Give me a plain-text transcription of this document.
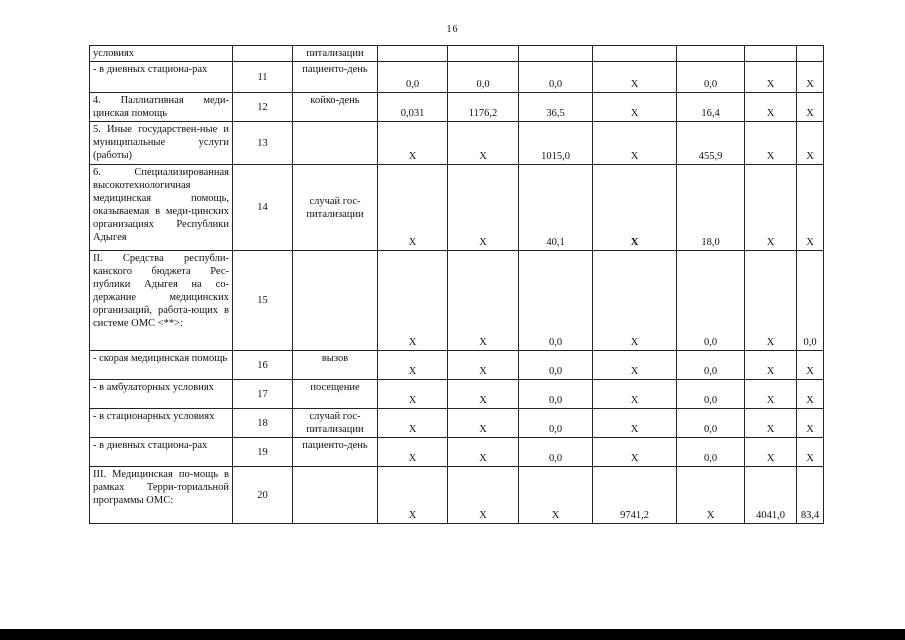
16
условиях		питализации							
- в дневных стациона-рах	11	пациенто-день	0,0	0,0	0,0	X	0,0	X	X
4. Паллиативная меди-цинская помощь	12	койко-день	0,031	1176,2	36,5	X	16,4	X	X
5. Иные государствен-ные и муниципальные услуги (работы)	13		X	X	1015,0	X	455,9	X	X
6. Специализированная высокотехнологичная медицинская помощь, оказываемая в меди-цинских организациях Республики Адыгея	14	случай гос-питализации	X	X	40,1	X	18,0	X	X
II. Средства республи-канского бюджета Рес-публики Адыгея на со-держание медицинских организаций, работа-ющих в системе ОМС <**>:	15		X	X	0,0	X	0,0	X	0,0
- скорая медицинская помощь	16	вызов	X	X	0,0	X	0,0	X	X
- в амбулаторных условиях	17	посещение	X	X	0,0	X	0,0	X	X
- в стационарных условиях	18	случай гос-питализации	X	X	0,0	X	0,0	X	X
- в дневных стациона-рах	19	пациенто-день	X	X	0,0	X	0,0	X	X
III. Медицинская по-мощь в рамках Терри-ториальной программы ОМС:	20		X	X	X	9741,2	X	4041,0	83,4
